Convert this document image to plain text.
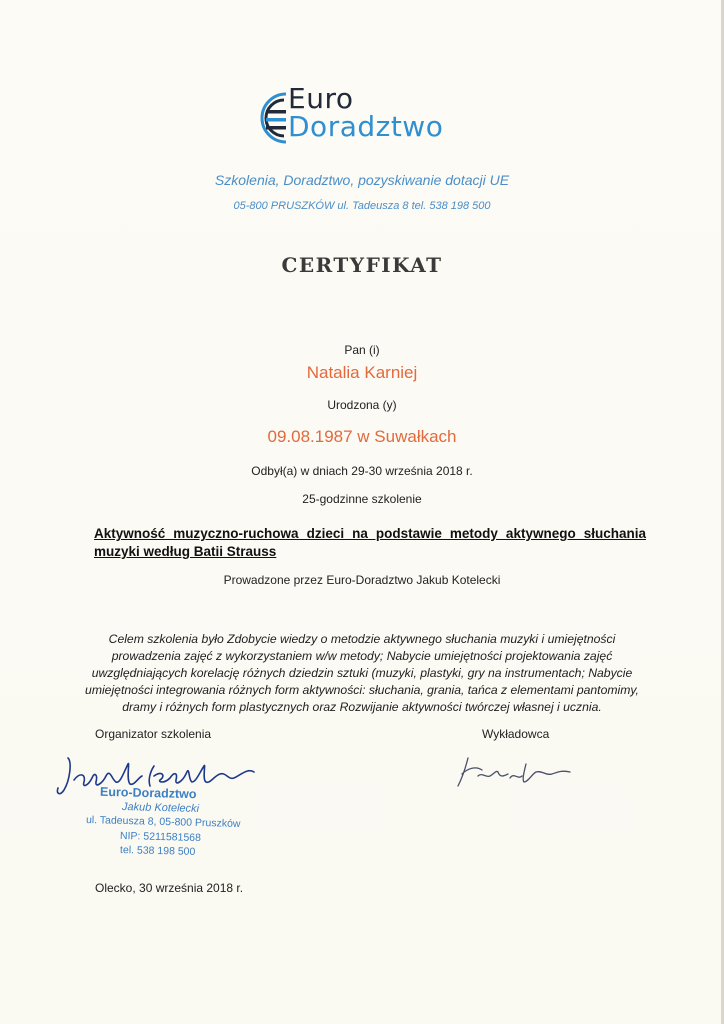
Euro
Doradztwo
Szkolenia, Doradztwo, pozyskiwanie dotacji UE
05-800 PRUSZKÓW ul. Tadeusza 8 tel. 538 198 500
CERTYFIKAT
Pan (i)
Natalia Karniej
Urodzona (y)
09.08.1987 w Suwałkach
Odbył(a) w dniach 29-30 września 2018 r.
25-godzinne szkolenie
Aktywność muzyczno-ruchowa dzieci na podstawie metody aktywnego słuchania muzyki według Batii Strauss
Prowadzone przez Euro-Doradztwo Jakub Kotelecki
Celem szkolenia było Zdobycie wiedzy o metodzie aktywnego słuchania muzyki i umiejętności prowadzenia zajęć z wykorzystaniem w/w metody; Nabycie umiejętności projektowania zajęć uwzględniających korelację różnych dziedzin sztuki (muzyki, plastyki, gry na instrumentach; Nabycie umiejętności integrowania różnych form aktywności: słuchania, grania, tańca z elementami pantomimy, dramy i różnych form plastycznych oraz Rozwijanie aktywności twórczej własnej i ucznia.
Organizator szkolenia	Wykładowca
Euro-Doradztwo
Jakub Kotelecki
ul. Tadeusza 8, 05-800 Pruszków
NIP: 5211581568
tel. 538 198 500
Olecko, 30 września 2018 r.
